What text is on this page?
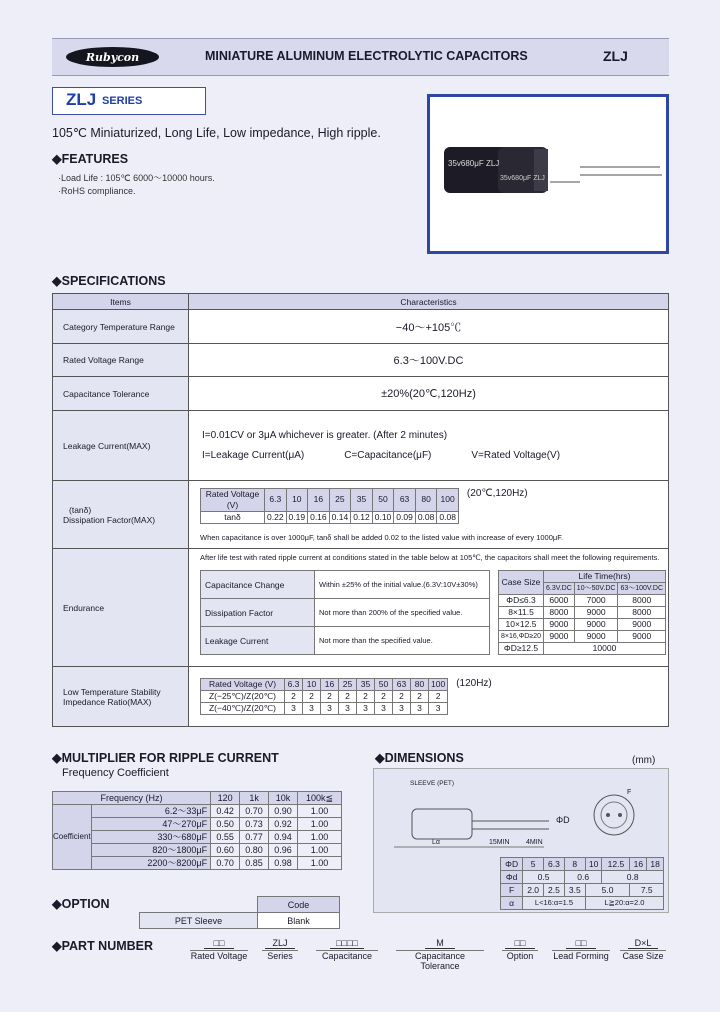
Rubycon	MINIATURE ALUMINUM ELECTROLYTIC CAPACITORS	ZLJ
ZLJ SERIES
105℃ Miniaturized, Long Life, Low impedance, High ripple.
35v680μF ZLJ
35v680μF ZLJ
◆FEATURES
·Load Life : 105℃ 6000～10000 hours.
·RoHS compliance.
◆SPECIFICATIONS
Items	Characteristics
Category Temperature Range	−40～+105℃
Rated Voltage Range	6.3～100V.DC
Capacitance Tolerance	±20%(20℃,120Hz)
Leakage Current(MAX)	
I=0.01CV or 3μA whichever is greater. (After 2 minutes)
I=Leakage Current(μA)	C=Capacitance(μF)	V=Rated Voltage(V)

(tanδ)
Dissipation Factor(MAX)

Rated Voltage (V)	6.3	10	16	25	35	50	63	80	100
tanδ	0.22	0.19	0.16	0.14	0.12	0.10	0.09	0.08	0.08
(20℃,120Hz)
When capacitance is over 1000μF, tanδ shall be added 0.02 to the listed value with increase of every 1000μF.

Endurance	
After life test with rated ripple current at conditions stated in the table below at 105℃, the capacitors shall meet the following requirements.
Capacitance Change	Within ±25% of the initial value.(6.3V:10V±30%)
Dissipation Factor	Not more than 200% of the specified value.
Leakage Current	Not more than the specified value.
Case Size	Life Time(hrs)
6.3V.DC	10～50V.DC	63～100V.DC
ΦD≤6.3	6000	7000	8000
8×11.5	8000	9000	8000
10×12.5	9000	9000	9000
8×16,ΦD≥20	9000	9000	9000
ΦD≥12.5	10000

Low Temperature Stability
Impedance Ratio(MAX)

Rated Voltage (V)	6.3	10	16	25	35	50	63	80	100
Z(−25℃)/Z(20℃)	2	2	2	2	2	2	2	2	2
Z(−40℃)/Z(20℃)	3	3	3	3	3	3	3	3	3
(120Hz)
◆MULTIPLIER FOR RIPPLE CURRENT
Frequency Coefficient
Frequency (Hz)		120	1k	10k	100k≦
Coefficient	6.2～33μF	0.42	0.70	0.90	1.00
	47～270μF	0.50	0.73	0.92	1.00
	330～680μF	0.55	0.77	0.94	1.00
	820～1800μF	0.60	0.80	0.96	1.00
	2200～8200μF	0.70	0.85	0.98	1.00
◆DIMENSIONS	(mm)
SLEEVE (PET)
ΦD
Lα	15MIN 4MIN
F
ΦD	5	6.3	8	10	12.5	16	18
Φd	0.5		0.6		0.8		
F	2.0	2.5	3.5	5.0		7.5	
α	L<16:α=1.5			L≧20:α=2.0			
◆OPTION
		Code
PET Sleeve	Blank
◆PART NUMBER	□□
Rated Voltage
ZLJ
Series
□□□□
Capacitance
M
Capacitance Tolerance
□□
Option
□□
Lead Forming
D×L
Case Size
